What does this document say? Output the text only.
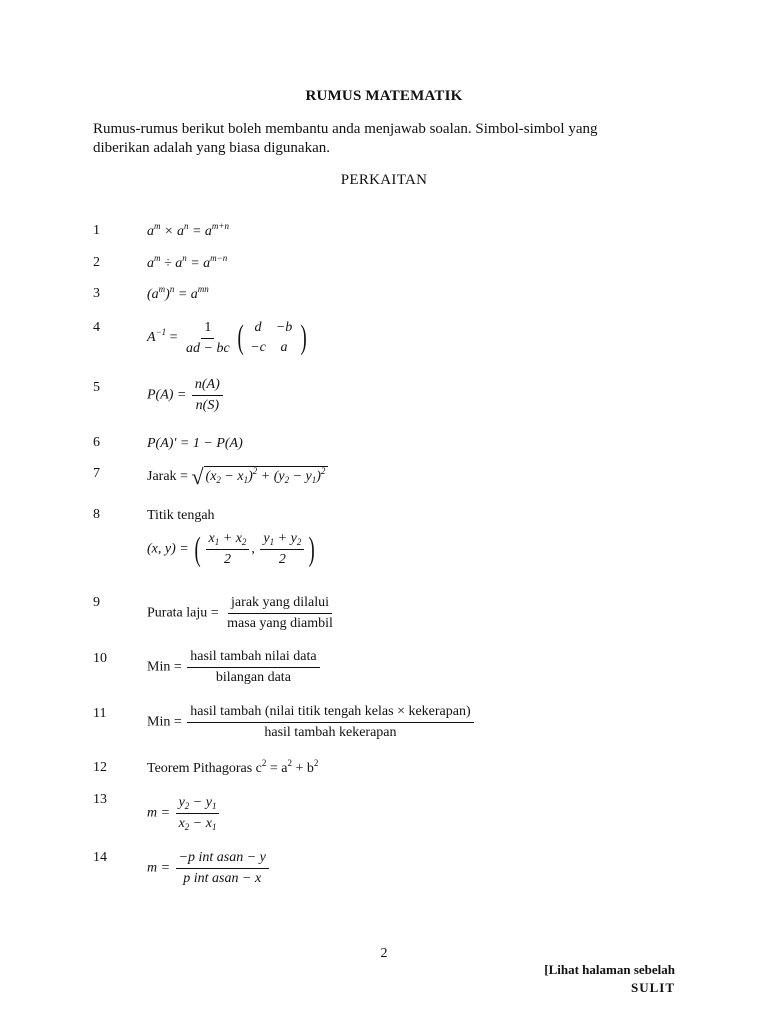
RUMUS MATEMATIK
Rumus-rumus berikut boleh membantu anda menjawab soalan. Simbol-simbol yang diberikan adalah yang biasa digunakan.
PERKAITAN
1	$a^m \times a^n = a^{m+n}$
2	$a^m \div a^n = a^{m-n}$
3	$(a^m)^n = a^{mn}$
4
$A^{-1} = \frac{1}{ad - bc}$ ( d	−b
−c	a )
5
$P(A) = \frac{n(A)}{n(S)}$
6	P(A)' = 1 − P(A)
7	Jarak = √ $(x_2 - x_1)^2 + (y_2 - y_1)^2$
8	Titik tengah
(x, y) = ( $\frac{x_1 + x_2}{2}$ , $\frac{y_1 + y_2}{2}$ )
9
Purata laju = $\frac{\text{jarak yang dilalui}}{\text{masa yang diambil}}$
10
Min = $\frac{\text{hasil tambah nilai data}}{\text{bilangan data}}$
11
Min = $\frac{\text{hasil tambah (nilai titik tengah kelas × kekerapan)}}{\text{hasil tambah kekerapan}}$
12	Teorem Pithagoras $c^2 = a^2 + b^2$
13
$m = \frac{y_2 - y_1}{x_2 - x_1}$
14
$m = \frac{\text{−p int asan − y}}{\text{p int asan − x}}$
2
[Lihat halaman sebelah
SULIT
